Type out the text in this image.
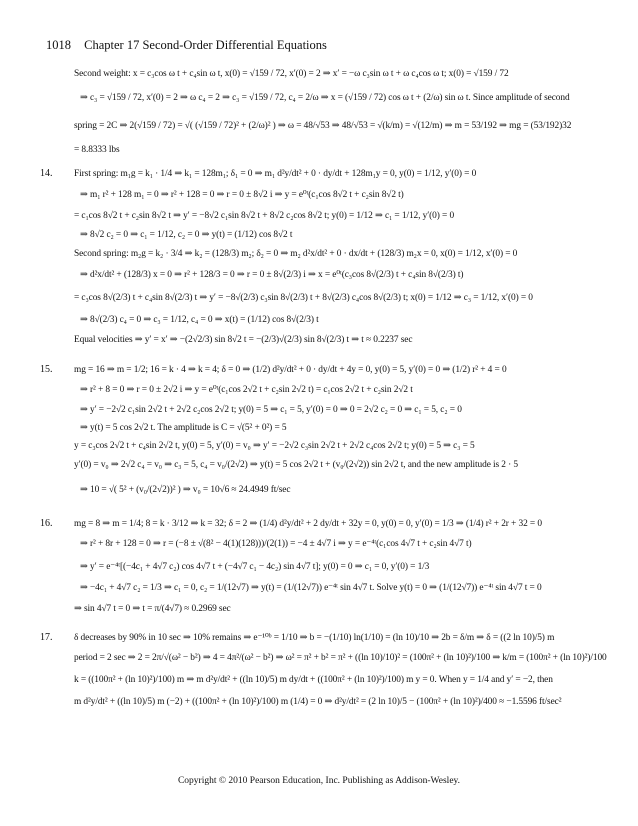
1018 Chapter 17 Second-Order Differential Equations
Second weight: x = c₃cos ω t + c₄sin ω t, x(0) = √159 / 72, x′(0) = 2 ⇒ x′ = −ω c₃sin ω t + ω c₄cos ω t; x(0) = √159 / 72
⇒ c₃ = √159 / 72, x′(0) = 2 ⇒ ω c₄ = 2 ⇒ c₃ = √159 / 72, c₄ = 2/ω ⇒ x = (√159 / 72) cos ω t + (2/ω) sin ω t. Since amplitude of second
spring = 2C ⇒ 2(√159 / 72) = √( (√159 / 72)² + (2/ω)² ) ⇒ ω = 48/√53 ⇒ 48/√53 = √(k/m) = √(12/m) ⇒ m = 53/192 ⇒ mg = (53/192)32
= 8.8333 lbs
14. First spring: m₁g = k₁ · 1/4 ⇒ k₁ = 128m₁; δ₁ = 0 ⇒ m₁ d²y/dt² + 0 · dy/dt + 128m₁y = 0, y(0) = 1/12, y′(0) = 0
⇒ m₁ r² + 128 m₁ = 0 ⇒ r² + 128 = 0 ⇒ r = 0 ± 8√2 i ⇒ y = e⁰ᵗ(c₁cos 8√2 t + c₂sin 8√2 t)
= c₁cos 8√2 t + c₂sin 8√2 t ⇒ y′ = −8√2 c₁sin 8√2 t + 8√2 c₂cos 8√2 t; y(0) = 1/12 ⇒ c₁ = 1/12, y′(0) = 0
⇒ 8√2 c₂ = 0 ⇒ c₁ = 1/12, c₂ = 0 ⇒ y(t) = (1/12) cos 8√2 t
Second spring: m₂g = k₂ · 3/4 ⇒ k₂ = (128/3) m₂; δ₂ = 0 ⇒ m₂ d²x/dt² + 0 · dx/dt + (128/3) m₂x = 0, x(0) = 1/12, x′(0) = 0
⇒ d²x/dt² + (128/3) x = 0 ⇒ r² + 128/3 = 0 ⇒ r = 0 ± 8√(2/3) i ⇒ x = e⁰ᵗ(c₃cos 8√(2/3) t + c₄sin 8√(2/3) t)
= c₃cos 8√(2/3) t + c₄sin 8√(2/3) t ⇒ y′ = −8√(2/3) c₃sin 8√(2/3) t + 8√(2/3) c₄cos 8√(2/3) t; x(0) = 1/12 ⇒ c₃ = 1/12, x′(0) = 0
⇒ 8√(2/3) c₄ = 0 ⇒ c₃ = 1/12, c₄ = 0 ⇒ x(t) = (1/12) cos 8√(2/3) t
Equal velocities ⇒ y′ = x′ ⇒ −(2√2/3) sin 8√2 t = −(2/3)√(2/3) sin 8√(2/3) t ⇒ t ≈ 0.2237 sec
15. mg = 16 ⇒ m = 1/2; 16 = k · 4 ⇒ k = 4; δ = 0 ⇒ (1/2) d²y/dt² + 0 · dy/dt + 4y = 0, y(0) = 5, y′(0) = 0 ⇒ (1/2) r² + 4 = 0
⇒ r² + 8 = 0 ⇒ r = 0 ± 2√2 i ⇒ y = e⁰ᵗ(c₁cos 2√2 t + c₂sin 2√2 t) = c₁cos 2√2 t + c₂sin 2√2 t
⇒ y′ = −2√2 c₁sin 2√2 t + 2√2 c₂cos 2√2 t; y(0) = 5 ⇒ c₁ = 5, y′(0) = 0 ⇒ 0 = 2√2 c₂ = 0 ⇒ c₁ = 5, c₂ = 0
⇒ y(t) = 5 cos 2√2 t. The amplitude is C = √(5² + 0²) = 5
y = c₃cos 2√2 t + c₄sin 2√2 t, y(0) = 5, y′(0) = v₀ ⇒ y′ = −2√2 c₃sin 2√2 t + 2√2 c₄cos 2√2 t; y(0) = 5 ⇒ c₃ = 5
y′(0) = v₀ ⇒ 2√2 c₄ = v₀ ⇒ c₃ = 5, c₄ = v₀/(2√2) ⇒ y(t) = 5 cos 2√2 t + (v₀/(2√2)) sin 2√2 t, and the new amplitude is 2 · 5
⇒ 10 = √( 5² + (v₀/(2√2))² ) ⇒ v₀ = 10√6 ≈ 24.4949 ft/sec
16. mg = 8 ⇒ m = 1/4; 8 = k · 3/12 ⇒ k = 32; δ = 2 ⇒ (1/4) d²y/dt² + 2 dy/dt + 32y = 0, y(0) = 0, y′(0) = 1/3 ⇒ (1/4) r² + 2r + 32 = 0
⇒ r² + 8r + 128 = 0 ⇒ r = (−8 ± √(8² − 4(1)(128)))/(2(1)) = −4 ± 4√7 i ⇒ y = e⁻⁴ᵗ(c₁cos 4√7 t + c₂sin 4√7 t)
⇒ y′ = e⁻⁴ᵗ[(−4c₁ + 4√7 c₂) cos 4√7 t + (−4√7 c₁ − 4c₂) sin 4√7 t]; y(0) = 0 ⇒ c₁ = 0, y′(0) = 1/3
⇒ −4c₁ + 4√7 c₂ = 1/3 ⇒ c₁ = 0, c₂ = 1/(12√7) ⇒ y(t) = (1/(12√7)) e⁻⁴ᵗ sin 4√7 t. Solve y(t) = 0 ⇒ (1/(12√7)) e⁻⁴ᵗ sin 4√7 t = 0
⇒ sin 4√7 t = 0 ⇒ t = π/(4√7) ≈ 0.2969 sec
17. δ decreases by 90% in 10 sec ⇒ 10% remains ⇒ e⁻¹⁰ᵇ = 1/10 ⇒ b = −(1/10) ln(1/10) = (ln 10)/10 ⇒ 2b = δ/m ⇒ δ = ((2 ln 10)/5) m
period = 2 sec ⇒ 2 = 2π/√(ω² − b²) ⇒ 4 = 4π²/(ω² − b²) ⇒ ω² = π² + b² = π² + ((ln 10)/10)² = (100π² + (ln 10)²)/100 ⇒ k/m = (100π² + (ln 10)²)/100
k = ((100π² + (ln 10)²)/100) m ⇒ m d²y/dt² + ((ln 10)/5) m dy/dt + ((100π² + (ln 10)²)/100) m y = 0. When y = 1/4 and y′ = −2, then
m d²y/dt² + ((ln 10)/5) m (−2) + ((100π² + (ln 10)²)/100) m (1/4) = 0 ⇒ d²y/dt² = (2 ln 10)/5 − (100π² + (ln 10)²)/400 ≈ −1.5596 ft/sec²
Copyright © 2010 Pearson Education, Inc. Publishing as Addison-Wesley.
